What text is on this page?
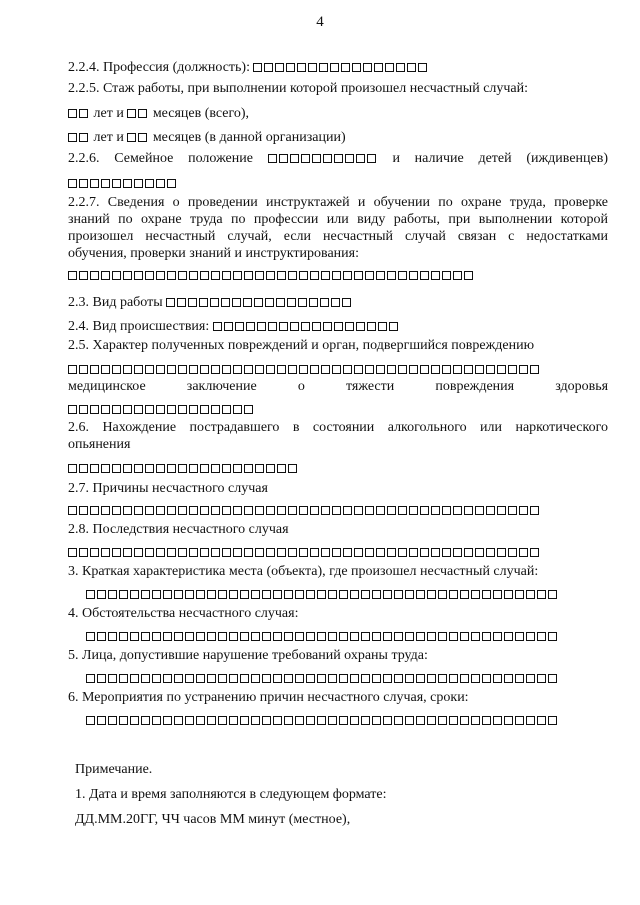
4
2.2.4. Профессия (должность):
2.2.5. Стаж работы, при выполнении которой произошел несчастный случай:
лет и месяцев (всего),
лет и месяцев (в данной организации)
2.2.6. Семейное положение	и наличие детей (иждивенцев)
2.2.7. Сведения о проведении инструктажей и обучении по охране труда, проверке
знаний по охране труда по профессии или виду работы, при выполнении которой
произошел несчастный случай, если несчастный случай связан с недостатками
обучения, проверки знаний и инструктирования:
2.3. Вид работы
2.4. Вид происшествия:
2.5. Характер полученных повреждений и орган, подвергшийся повреждению
медицинское	заключение	о	тяжести	повреждения	здоровья
2.6. Нахождение пострадавшего в состоянии алкогольного или наркотического
опьянения
2.7. Причины несчастного случая
2.8. Последствия несчастного случая
3. Краткая характеристика места (объекта), где произошел несчастный случай:
4. Обстоятельства несчастного случая:
5. Лица, допустившие нарушение требований охраны труда:
6. Мероприятия по устранению причин несчастного случая, сроки:
Примечание.
1. Дата и время заполняются в следующем формате:
ДД.ММ.20ГГ, ЧЧ часов ММ минут (местное),
